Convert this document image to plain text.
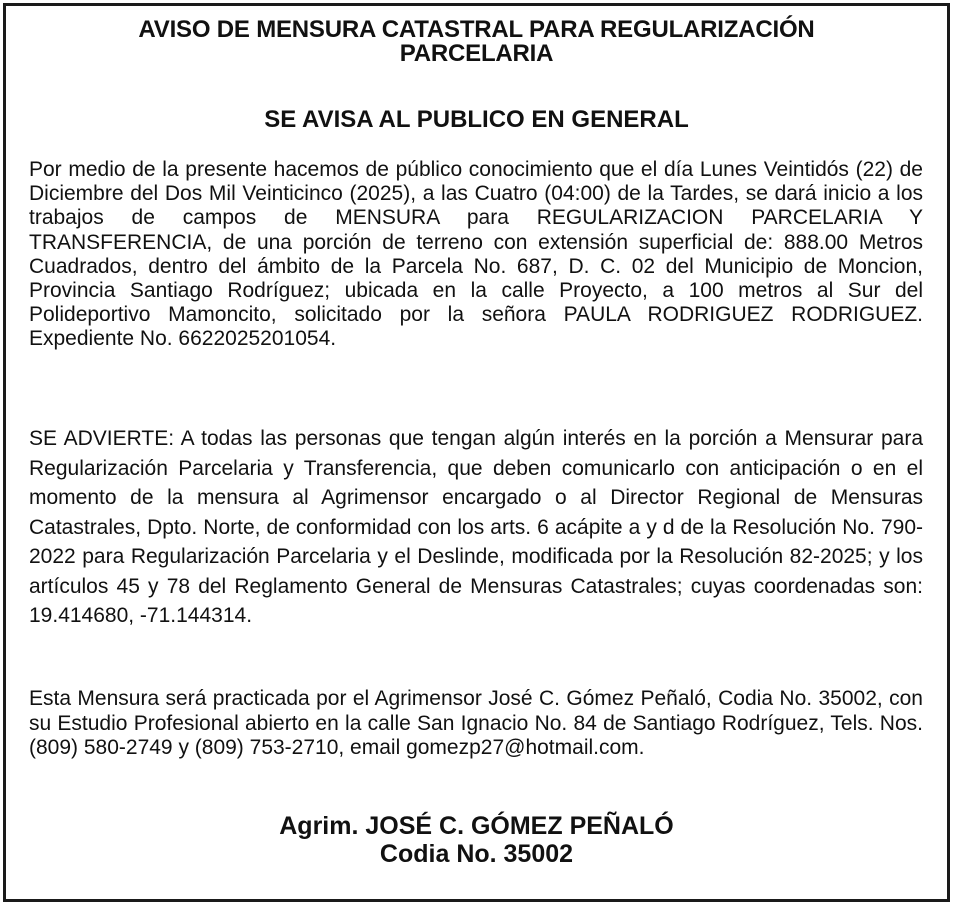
AVISO DE MENSURA CATASTRAL PARA REGULARIZACIÓN
PARCELARIA
SE AVISA AL PUBLICO EN GENERAL

Por medio de la presente hacemos de público conocimiento que el día Lunes Veintidós (22) de Diciembre del Dos Mil Veinticinco (2025), a las Cuatro (04:00) de la Tardes, se dará inicio a los trabajos de campos de MENSURA para REGULARIZACION PARCELARIA Y TRANSFERENCIA, de una porción de terreno con extensión superficial de: 888.00 Metros Cuadrados, dentro del ámbito de la Parcela No. 687, D. C. 02 del Municipio de Moncion, Provincia Santiago Rodríguez; ubicada en la calle Proyecto, a 100 metros al Sur del Polideportivo Mamoncito, solicitado por la señora PAULA RODRIGUEZ RODRIGUEZ. Expediente No. 6622025201054.

SE ADVIERTE: A todas las personas que tengan algún interés en la porción a Mensurar para Regularización Parcelaria y Transferencia, que deben comunicarlo con anticipación o en el momento de la mensura al Agrimensor encargado o al Director Regional de Mensuras Catastrales, Dpto. Norte, de conformidad con los arts. 6 acápite a y d de la Resolución No. 790-2022 para Regularización Parcelaria y el Deslinde, modificada por la Resolución 82-2025; y los artículos 45 y 78 del Reglamento General de Mensuras Catastrales; cuyas coordenadas son: 19.414680, -71.144314.

Esta Mensura será practicada por el Agrimensor José C. Gómez Peñaló, Codia No. 35002, con su Estudio Profesional abierto en la calle San Ignacio No. 84 de Santiago Rodríguez, Tels. Nos. (809) 580-2749 y (809) 753-2710, email gomezp27@hotmail.com.

Agrim. JOSÉ C. GÓMEZ PEÑALÓ
Codia No. 35002
